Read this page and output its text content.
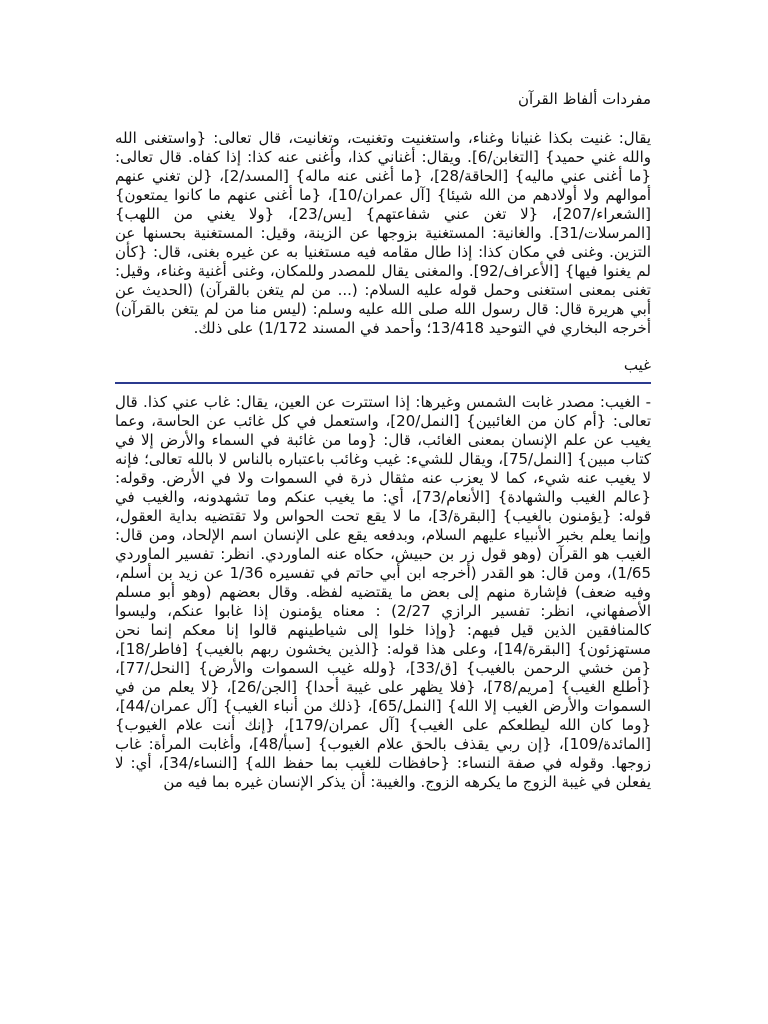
مفردات ألفاظ القرآن

يقال: غنيت بكذا غنيانا وغناء، واستغنيت وتغنيت، وتغانيت، قال تعالى: {واستغنى الله والله غني حميد} [التغابن/6]. ويقال: أغناني كذا، وأغنى عنه كذا: إذا كفاه. قال تعالى: {ما أغنى عني ماليه} [الحاقة/28]، {ما أغنى عنه ماله} [المسد/2]، {لن تغني عنهم أموالهم ولا أولادهم من الله شيئا} [آل عمران/10]، {ما أغنى عنهم ما كانوا يمتعون} [الشعراء/207]، {لا تغن عني شفاعتهم} [يس/23]، {ولا يغني من اللهب} [المرسلات/31]. والغانية: المستغنية بزوجها عن الزينة، وقيل: المستغنية بحسنها عن التزين. وغنى في مكان كذا: إذا طال مقامه فيه مستغنيا به عن غيره بغنى، قال: {كأن لم يغنوا فيها} [الأعراف/92]. والمغنى يقال للمصدر وللمكان، وغنى أغنية وغناء، وقيل: تغنى بمعنى استغنى وحمل قوله عليه السلام: (... من لم يتغن بالقرآن) (الحديث عن أبي هريرة قال: قال رسول الله صلى الله عليه وسلم: (ليس منا من لم يتغن بالقرآن) أخرجه البخاري في التوحيد 13/418؛ وأحمد في المسند 1/172) على ذلك.

غيب

- الغيب: مصدر غابت الشمس وغيرها: إذا استترت عن العين، يقال: غاب عني كذا. قال تعالى: {أم كان من الغائبين} [النمل/20]، واستعمل في كل غائب عن الحاسة، وعما يغيب عن علم الإنسان بمعنى الغائب، قال: {وما من غائبة في السماء والأرض إلا في كتاب مبين} [النمل/75]، ويقال للشيء: غيب وغائب باعتباره بالناس لا بالله تعالى؛ فإنه لا يغيب عنه شيء، كما لا يعزب عنه مثقال ذرة في السموات ولا في الأرض. وقوله: {عالم الغيب والشهادة} [الأنعام/73]، أي: ما يغيب عنكم وما تشهدونه، والغيب في قوله: {يؤمنون بالغيب} [البقرة/3]، ما لا يقع تحت الحواس ولا تقتضيه بداية العقول، وإنما يعلم بخبر الأنبياء عليهم السلام، وبدفعه يقع على الإنسان اسم الإلحاد، ومن قال: الغيب هو القرآن (وهو قول زر بن حبيش، حكاه عنه الماوردي. انظر: تفسير الماوردي 1/65)، ومن قال: هو القدر (أخرجه ابن أبي حاتم في تفسيره 1/36 عن زيد بن أسلم، وفيه ضعف) فإشارة منهم إلى بعض ما يقتضيه لفظه. وقال بعضهم (وهو أبو مسلم الأصفهاني، انظر: تفسير الرازي 2/27) : معناه يؤمنون إذا غابوا عنكم، وليسوا كالمنافقين الذين قيل فيهم: {وإذا خلوا إلى شياطينهم قالوا إنا معكم إنما نحن مستهزئون} [البقرة/14]، وعلى هذا قوله: {الذين يخشون ربهم بالغيب} [فاطر/18]، {من خشي الرحمن بالغيب} [ق/33]، {ولله غيب السموات والأرض} [النحل/77]، {أطلع الغيب} [مريم/78]، {فلا يظهر على غيبة أحدا} [الجن/26]، {لا يعلم من في السموات والأرض الغيب إلا الله} [النمل/65]، {ذلك من أنباء الغيب} [آل عمران/44]، {وما كان الله ليطلعكم على الغيب} [آل عمران/179]، {إنك أنت علام الغيوب} [المائدة/109]، {إن ربي يقذف بالحق علام الغيوب} [سبأ/48]، وأغابت المرأة: غاب زوجها. وقوله في صفة النساء: {حافظات للغيب بما حفظ الله} [النساء/34]، أي: لا يفعلن في غيبة الزوج ما يكرهه الزوج. والغيبة: أن يذكر الإنسان غيره بما فيه من
